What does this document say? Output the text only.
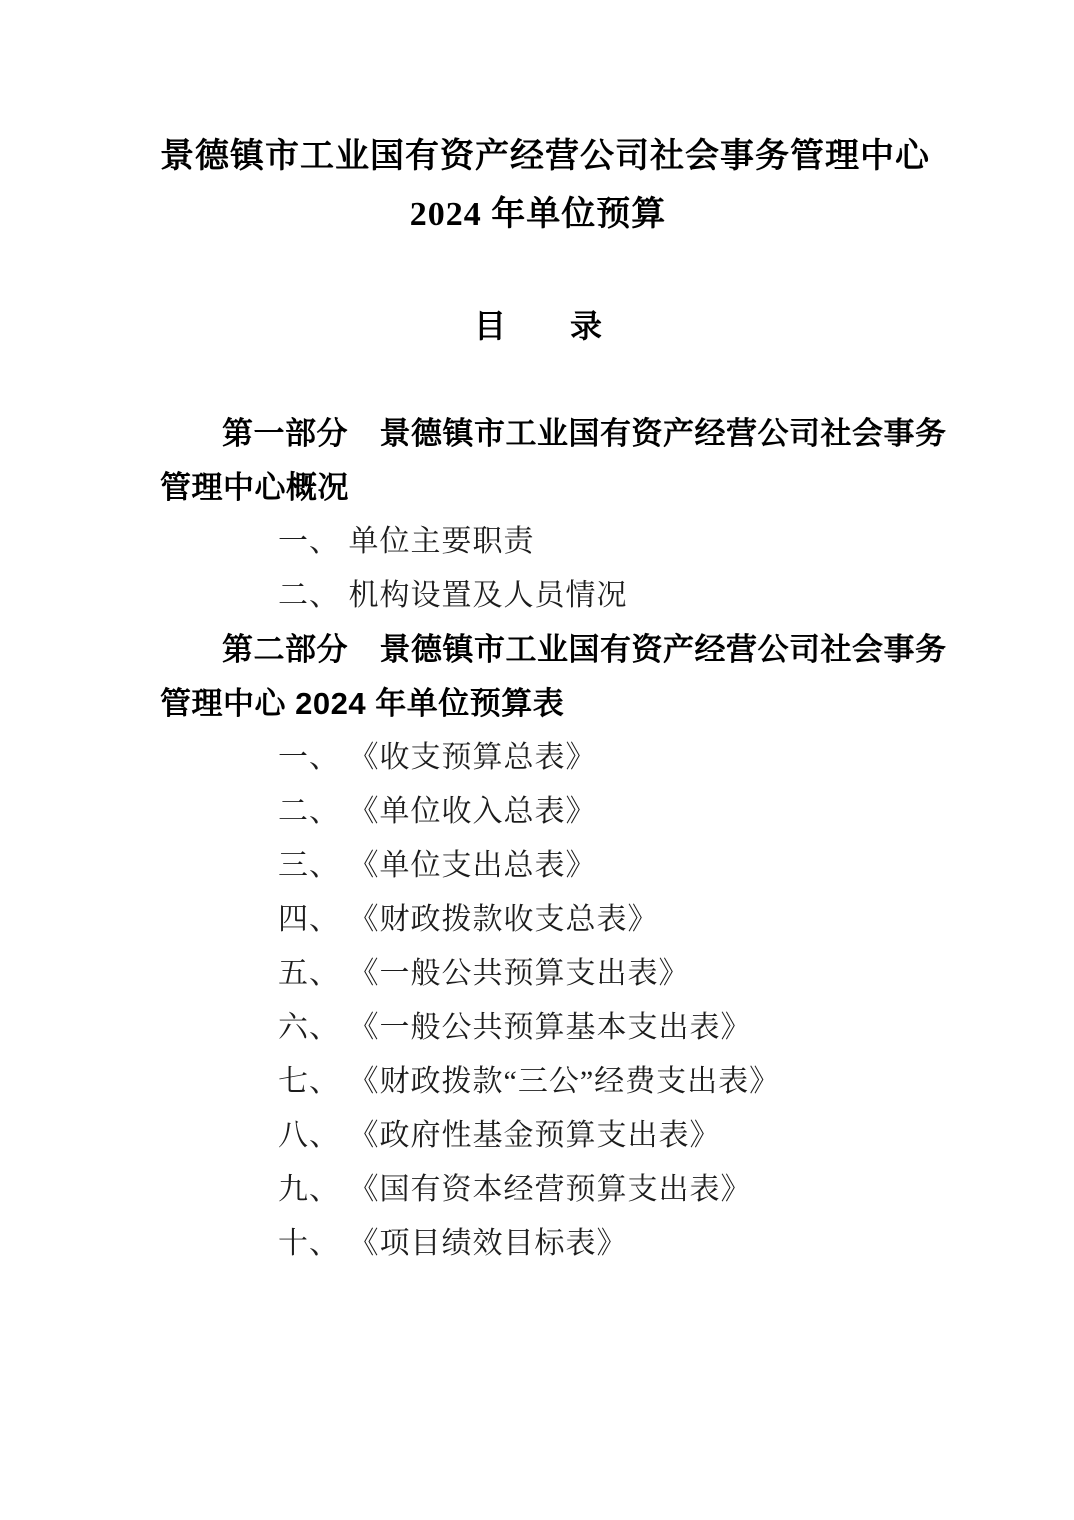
景德镇市工业国有资产经营公司社会事务管理中心
2024 年单位预算
目　　录
第一部分　景德镇市工业国有资产经营公司社会事务
管理中心概况
一、 单位主要职责
二、 机构设置及人员情况
第二部分　景德镇市工业国有资产经营公司社会事务
管理中心 2024 年单位预算表
一、 《收支预算总表》
二、 《单位收入总表》
三、 《单位支出总表》
四、 《财政拨款收支总表》
五、 《一般公共预算支出表》
六、 《一般公共预算基本支出表》
七、 《财政拨款“三公”经费支出表》
八、 《政府性基金预算支出表》
九、 《国有资本经营预算支出表》
十、 《项目绩效目标表》
